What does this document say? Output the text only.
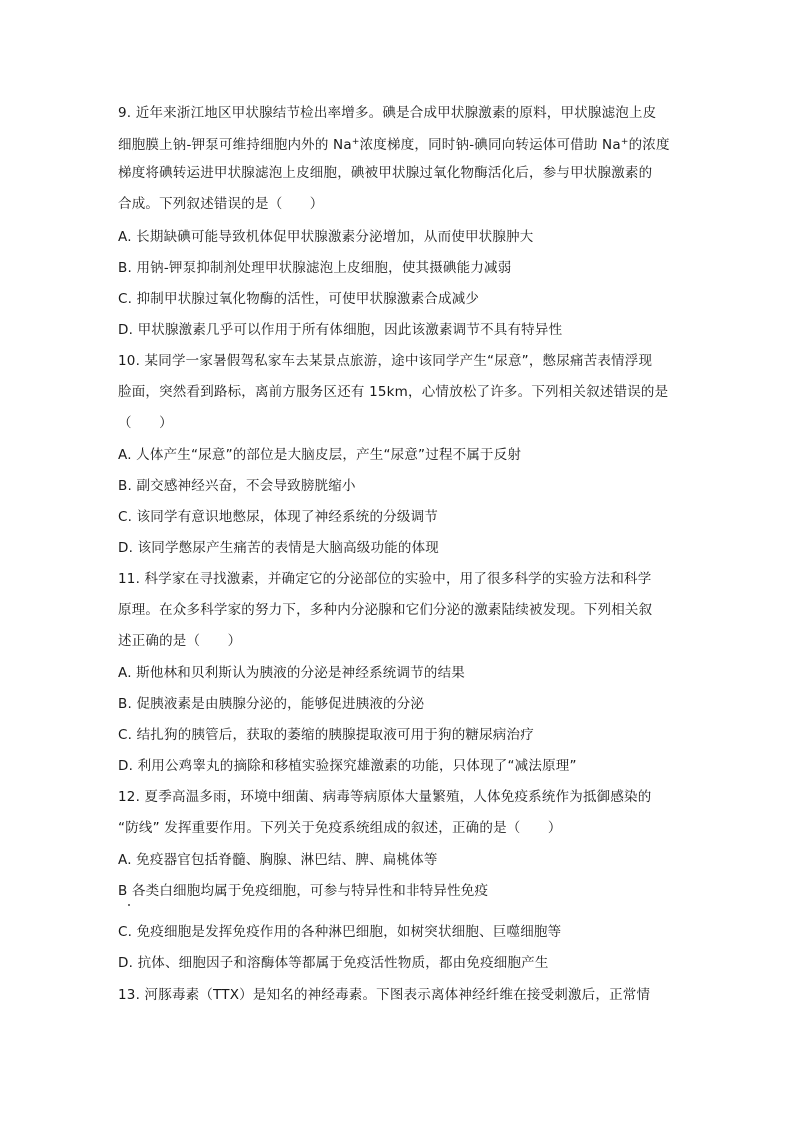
9. 近年来浙江地区甲状腺结节检出率增多。碘是合成甲状腺激素的原料，甲状腺滤泡上皮
细胞膜上钠-钾泵可维持细胞内外的 Na+浓度梯度，同时钠-碘同向转运体可借助 Na+的浓度
梯度将碘转运进甲状腺滤泡上皮细胞，碘被甲状腺过氧化物酶活化后，参与甲状腺激素的
合成。下列叙述错误的是（　　）
A. 长期缺碘可能导致机体促甲状腺激素分泌增加，从而使甲状腺肿大
B. 用钠-钾泵抑制剂处理甲状腺滤泡上皮细胞，使其摄碘能力减弱
C. 抑制甲状腺过氧化物酶的活性，可使甲状腺激素合成减少
D. 甲状腺激素几乎可以作用于所有体细胞，因此该激素调节不具有特异性
10. 某同学一家暑假驾私家车去某景点旅游，途中该同学产生“尿意”，憋尿痛苦表情浮现
脸面，突然看到路标，离前方服务区还有 15km，心情放松了许多。下列相关叙述错误的是
（　　）
A. 人体产生“尿意”的部位是大脑皮层，产生“尿意”过程不属于反射
B. 副交感神经兴奋，不会导致膀胱缩小
C. 该同学有意识地憋尿，体现了神经系统的分级调节
D. 该同学憋尿产生痛苦的表情是大脑高级功能的体现
11. 科学家在寻找激素，并确定它的分泌部位的实验中，用了很多科学的实验方法和科学
原理。在众多科学家的努力下，多种内分泌腺和它们分泌的激素陆续被发现。下列相关叙
述正确的是（　　）
A. 斯他林和贝利斯认为胰液的分泌是神经系统调节的结果
B. 促胰液素是由胰腺分泌的，能够促进胰液的分泌
C. 结扎狗的胰管后，获取的萎缩的胰腺提取液可用于狗的糖尿病治疗
D. 利用公鸡睾丸的摘除和移植实验探究雄激素的功能，只体现了“减法原理”
12. 夏季高温多雨，环境中细菌、病毒等病原体大量繁殖，人体免疫系统作为抵御感染的
“防线” 发挥重要作用。下列关于免疫系统组成的叙述，正确的是（　　）
A. 免疫器官包括脊髓、胸腺、淋巴结、脾、扁桃体等
B 各类白细胞均属于免疫细胞，可参与特异性和非特异性免疫
C. 免疫细胞是发挥免疫作用的各种淋巴细胞，如树突状细胞、巨噬细胞等
D. 抗体、细胞因子和溶酶体等都属于免疫活性物质，都由免疫细胞产生
13. 河豚毒素（TTX）是知名的神经毒素。下图表示离体神经纤维在接受刺激后，正常情
